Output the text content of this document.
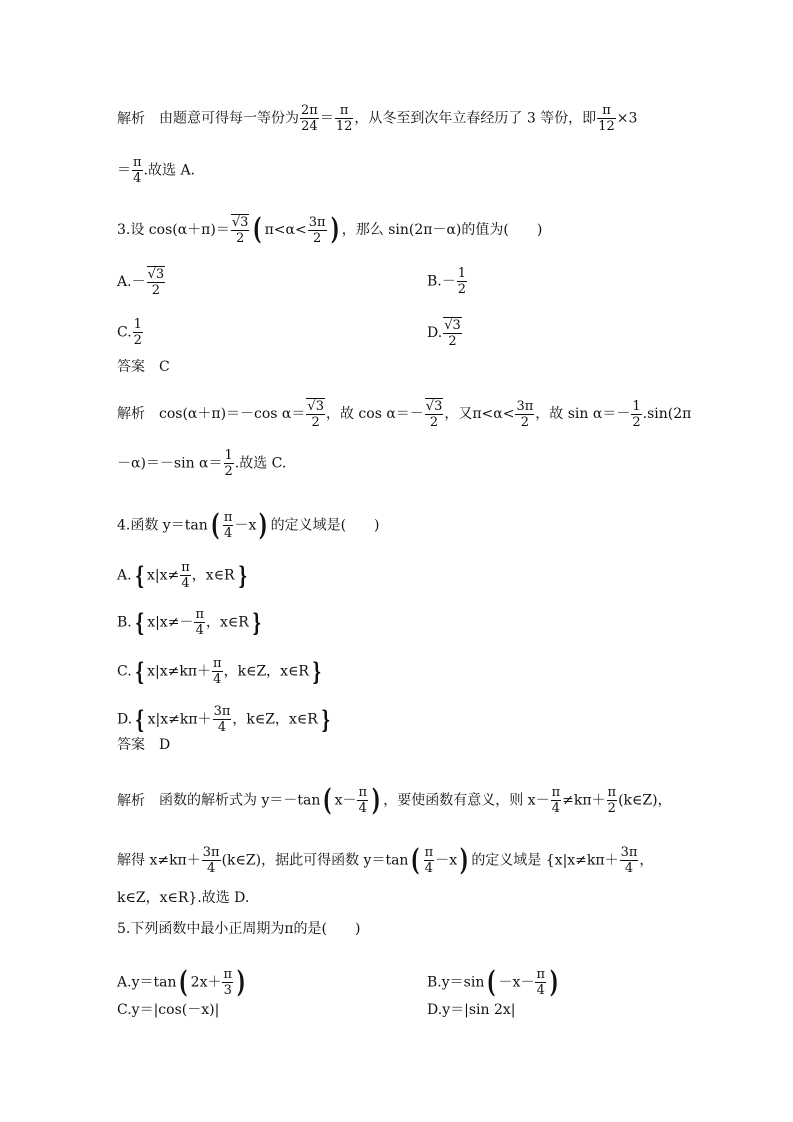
解析 由题意可得每一等份为 $\frac{2\pi}{24} = \frac{\pi}{12}$ ，从冬至到次年立春经历了 3 等份，即 $\frac{\pi}{12} \times 3$
＝ $\frac{\pi}{4}$ .故选 A.
3.设 $\cos(\alpha+\pi)= \frac{√3}{2}$ ( $\pi<\alpha< \frac{3\pi}{2}$ ) ，那么 sin(2π－α)的值为(　　)
$A.- \frac{√3}{2}$	$B.- \frac{1}{2}$
C. $\frac{1}{2}$	D. $\frac{√3}{2}$
答案 C
解析 cos(α＋π)＝－cos $\alpha= \frac{√3}{2}$ ，故 $\cos \alpha=- \frac{√3}{2}$ ，又$\pi<\alpha< \frac{3\pi}{2}$ ，故 $\sin \alpha=- \frac{1}{2} .\sin(2\pi$
－α)＝－sin $\alpha= \frac{1}{2}$ .故选 C.
4.函数 $y=\tan( \frac{\pi}{4} -x)$ 的定义域是(　　)
A. { $x|x\ne \frac{\pi}{4}$ ，x∈R }
B. { $x|x\ne- \frac{\pi}{4}$ ，x∈R }
C. { $x|x\ne k\pi+ \frac{\pi}{4}$ ，k∈Z，x∈R }
D. { $x|x\ne k\pi+ \frac{3\pi}{4}$ ，k∈Z，x∈R }
答案 D
解析 函数的解析式为 y＝－tan( $x- \frac{\pi}{4}$ ) ，要使函数有意义，则 $x- \frac{\pi}{4} \ne k\pi+ \frac{\pi}{2}$ (k∈Z)，
解得 $x\ne k\pi+ \frac{3\pi}{4}$ (k∈Z)，据此可得函数 $y=\tan( \frac{\pi}{4} -x)$ 的定义域是 {$x|x\ne k\pi+ \frac{3\pi}{4}$ ，
k∈Z，x∈R}.故选 D.
5.下列函数中最小正周期为π的是(　　)
A.y＝tan( $2x+ \frac{\pi}{3}$ )	$B.y=\sin( -x- \frac{\pi}{4}$ )
C.y＝|cos(－x)|	D.y＝|sin 2x|
